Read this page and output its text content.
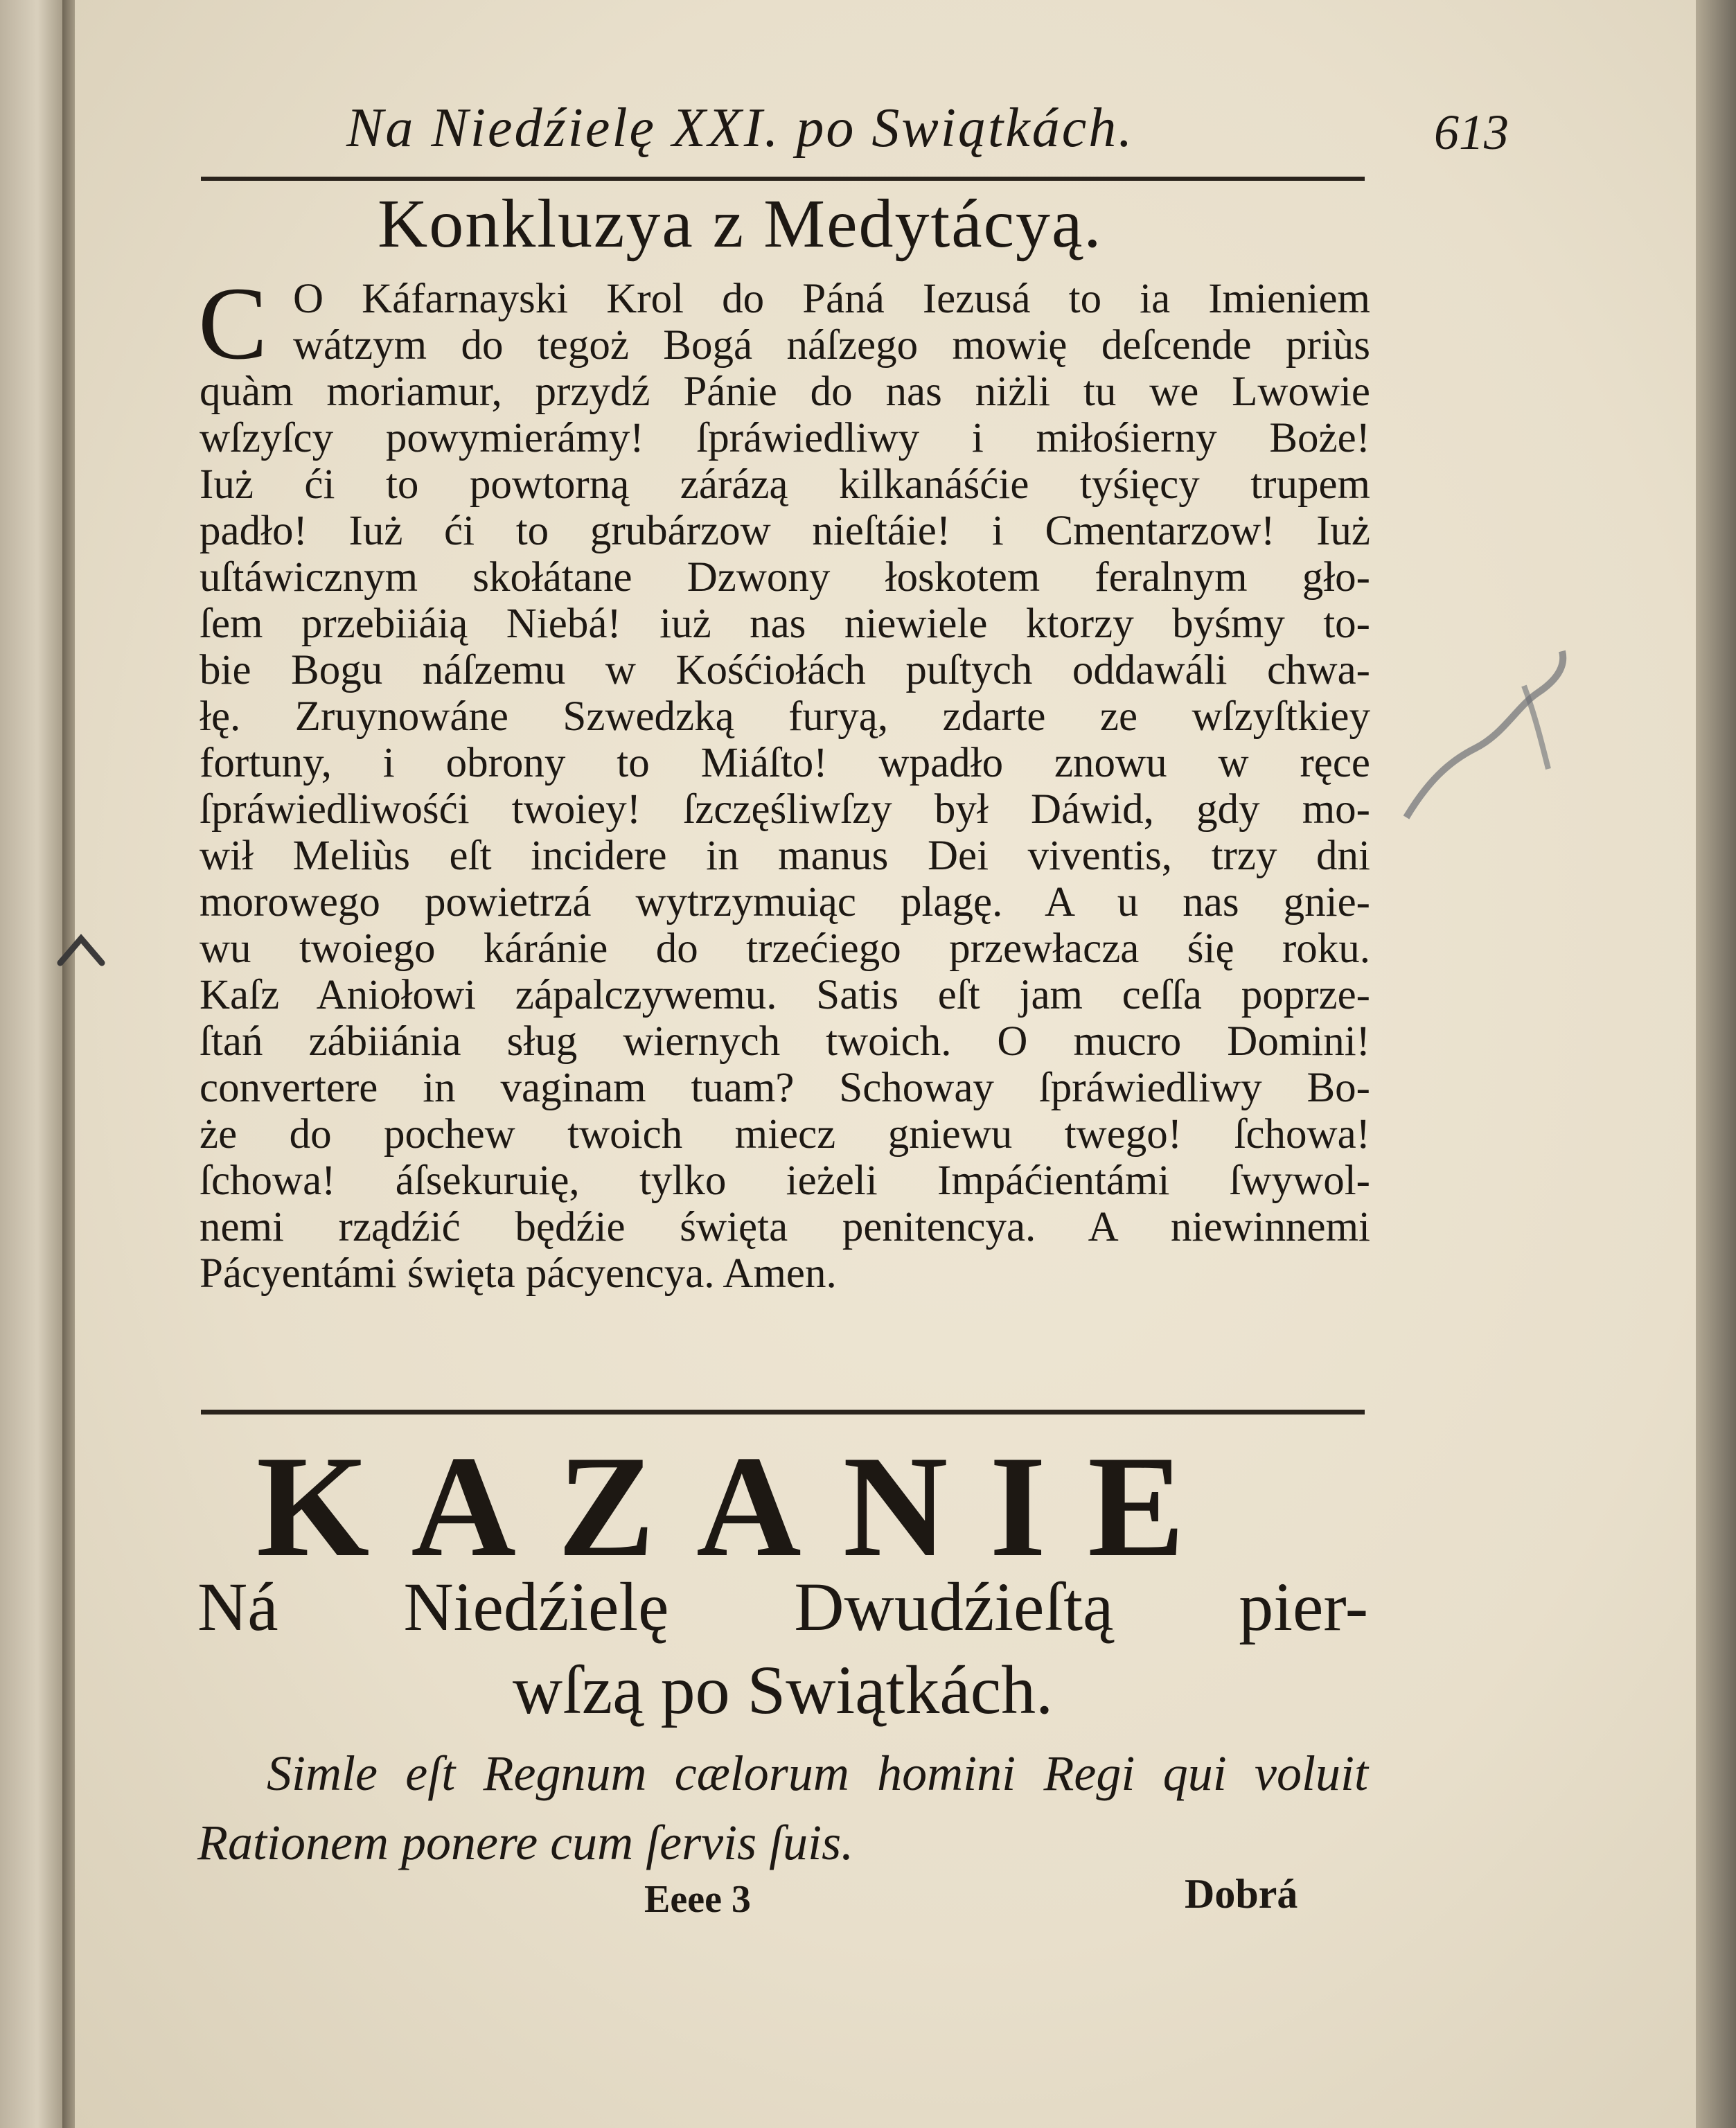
Na Niedźielę XXI. po Swiątkách.	613
Konkluzya z Medytácyą.
C O Káfarnayski Krol do Páná Iezusá to ia Imieniem
wátzym do tegoż Bogá náſzego mowię deſcende priùs
quàm moriamur, przydź Pánie do nas niżli tu we Lwowie
wſzyſcy powymierámy! ſpráwiedliwy i miłośierny Boże!
Iuż ći to powtorną zárázą kilkanáśćie tyśięcy trupem
padło! Iuż ći to grubárzow nieſtáie! i Cmentarzow! Iuż
uſtáwicznym skołátane Dzwony łoskotem feralnym gło-
ſem przebiiáią Niebá! iuż nas niewiele ktorzy byśmy to-
bie Bogu náſzemu w Kośćiołách puſtych oddawáli chwa-
łę. Zruynowáne Szwedzką furyą, zdarte ze wſzyſtkiey
fortuny, i obrony to Miáſto! wpadło znowu w ręce
ſpráwiedliwośći twoiey! ſzczęśliwſzy był Dáwid, gdy mo-
wił Meliùs eſt incidere in manus Dei viventis, trzy dni
morowego powietrzá wytrzymuiąc plagę. A u nas gnie-
wu twoiego káránie do trzećiego przewłacza śię roku.
Kaſz Aniołowi zápalczywemu. Satis eſt jam ceſſa poprze-
ſtań zábiiánia sług wiernych twoich. O mucro Domini!
convertere in vaginam tuam? Schoway ſpráwiedliwy Bo-
że do pochew twoich miecz gniewu twego! ſchowa!
ſchowa! áſsekuruię, tylko ieżeli Impáćientámi ſwywol-
nemi rządźić będźie święta penitencya. A niewinnemi
Pácyentámi święta pácyencya. Amen.
KAZANIE
Ná Niedźielę Dwudźieſtą pier-
wſzą po Swiątkách.
Simle eſt Regnum cælorum homini Regi qui voluit
Rationem ponere cum ſervis ſuis.
Eeee 3	Dobrá
